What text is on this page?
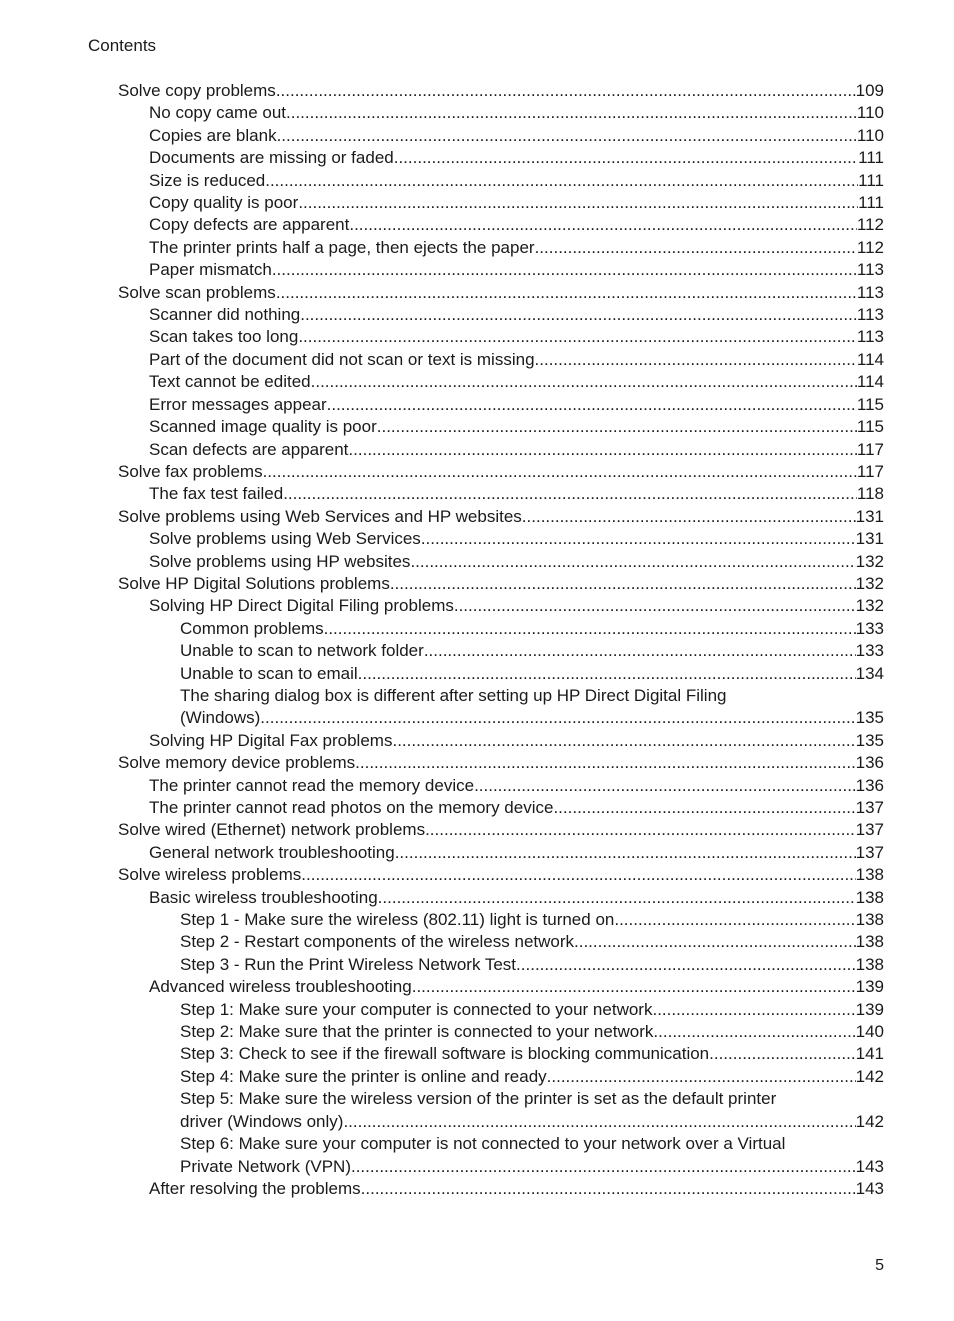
Contents
Solve copy problems .....	109
No copy came out .....	110
Copies are blank .....	110
Documents are missing or faded .....	111
Size is reduced .....	111
Copy quality is poor .....	111
Copy defects are apparent .....	112
The printer prints half a page, then ejects the paper .....	112
Paper mismatch .....	113
Solve scan problems .....	113
Scanner did nothing .....	113
Scan takes too long .....	113
Part of the document did not scan or text is missing .....	114
Text cannot be edited .....	114
Error messages appear .....	115
Scanned image quality is poor .....	115
Scan defects are apparent .....	117
Solve fax problems .....	117
The fax test failed .....	118
Solve problems using Web Services and HP websites .....	131
Solve problems using Web Services .....	131
Solve problems using HP websites .....	132
Solve HP Digital Solutions problems .....	132
Solving HP Direct Digital Filing problems .....	132
Common problems .....	133
Unable to scan to network folder .....	133
Unable to scan to email .....	134
The sharing dialog box is different after setting up HP Direct Digital Filing
(Windows) .....	135
Solving HP Digital Fax problems .....	135
Solve memory device problems .....	136
The printer cannot read the memory device .....	136
The printer cannot read photos on the memory device .....	137
Solve wired (Ethernet) network problems .....	137
General network troubleshooting .....	137
Solve wireless problems .....	138
Basic wireless troubleshooting .....	138
Step 1 - Make sure the wireless (802.11) light is turned on .....	138
Step 2 - Restart components of the wireless network .....	138
Step 3 - Run the Print Wireless Network Test .....	138
Advanced wireless troubleshooting .....	139
Step 1: Make sure your computer is connected to your network .....	139
Step 2: Make sure that the printer is connected to your network .....	140
Step 3: Check to see if the firewall software is blocking communication .....	141
Step 4: Make sure the printer is online and ready .....	142
Step 5: Make sure the wireless version of the printer is set as the default printer
driver (Windows only) .....	142
Step 6: Make sure your computer is not connected to your network over a Virtual
Private Network (VPN) .....	143
After resolving the problems .....	143
5
